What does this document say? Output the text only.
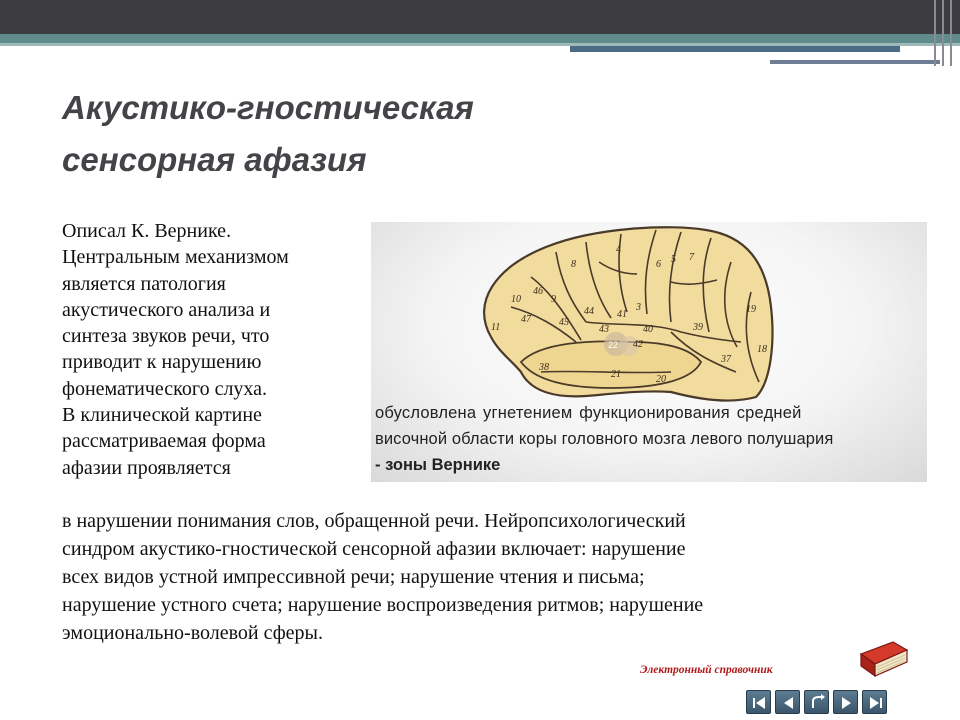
Акустико-гностическая
сенсорная афазия
Описал К. Вернике.
Центральным механизмом
является патология
акустического анализа и
синтеза звуков речи, что
приводит к нарушению
фонематического слуха.
В клинической картине
рассматриваемая форма
афазии проявляется
4
6 5 7
8
9
46
10
47	45
44
43
41
3
40	39
42
21
38
37
20
19
18
11
22
обусловлена угнетением функционирования средней
височной области коры головного мозга левого полушария
- зоны Вернике
в нарушении понимания слов, обращенной речи. Нейропсихологический
синдром акустико-гностической сенсорной афазии включает: нарушение
всех видов устной импрессивной речи; нарушение чтения и письма;
нарушение устного счета; нарушение воспроизведения ритмов; нарушение
эмоционально-волевой сферы.
Электронный справочник
